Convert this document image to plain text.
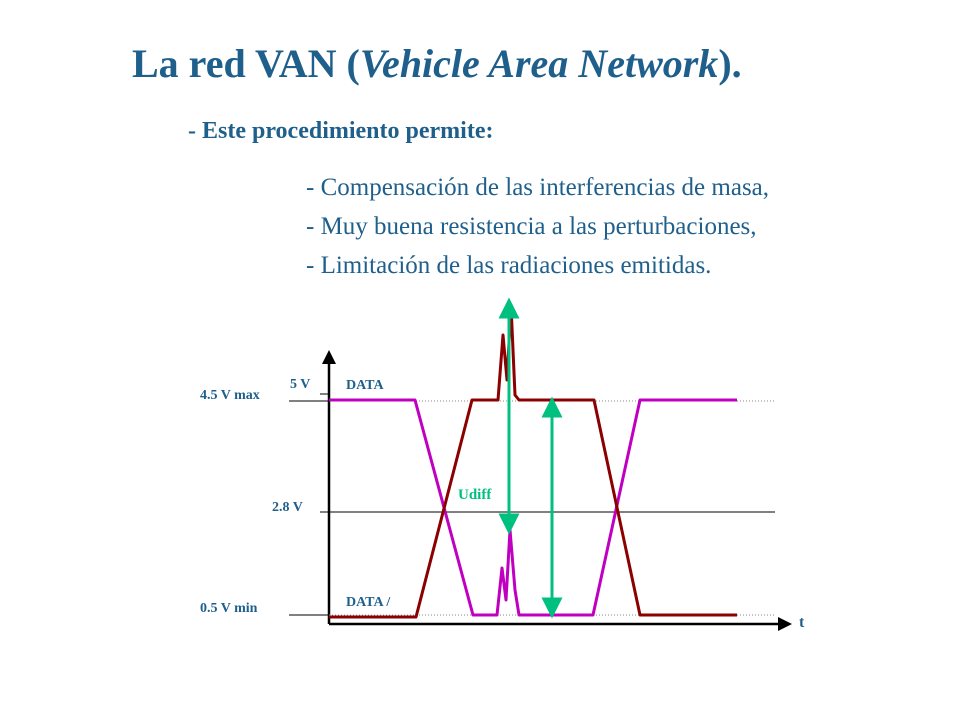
La red VAN (Vehicle Area Network).

- Este procedimiento permite:

- Compensación de las interferencias de masa,
- Muy buena resistencia a las perturbaciones,
- Limitación de las radiaciones emitidas.
5 V
4.5 V max
2.8 V
0.5 V min
DATA
DATA /
Udiff
t
